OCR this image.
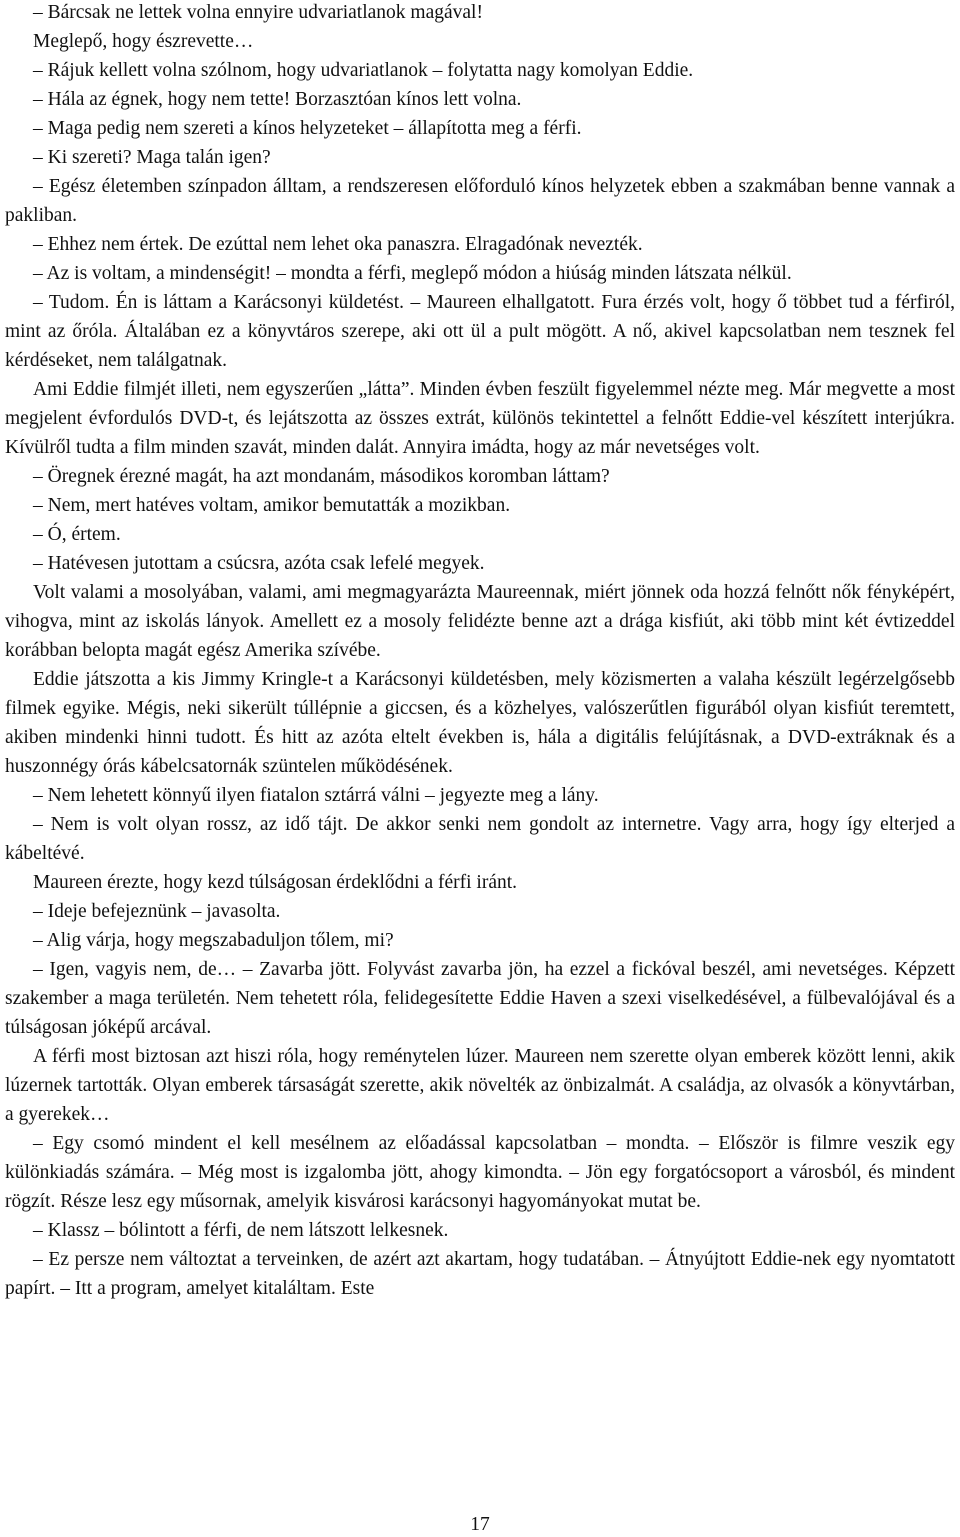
– Bárcsak ne lettek volna ennyire udvariatlanok magával!

Meglepő, hogy észrevette…

– Rájuk kellett volna szólnom, hogy udvariatlanok – folytatta nagy komolyan Eddie.

– Hála az égnek, hogy nem tette! Borzasztóan kínos lett volna.

– Maga pedig nem szereti a kínos helyzeteket – állapította meg a férfi.

– Ki szereti? Maga talán igen?

– Egész életemben színpadon álltam, a rendszeresen előforduló kínos helyzetek ebben a szakmában benne vannak a pakliban.

– Ehhez nem értek. De ezúttal nem lehet oka panaszra. Elragadónak nevezték.

– Az is voltam, a mindenségit! – mondta a férfi, meglepő módon a hiúság minden látszata nélkül.

– Tudom. Én is láttam a Karácsonyi küldetést. – Maureen elhallgatott. Fura érzés volt, hogy ő többet tud a férfiról, mint az őróla. Általában ez a könyvtáros szerepe, aki ott ül a pult mögött. A nő, akivel kapcsolatban nem tesznek fel kérdéseket, nem találgatnak.

Ami Eddie filmjét illeti, nem egyszerűen „látta”. Minden évben feszült figyelemmel nézte meg. Már megvette a most megjelent évfordulós DVD-t, és lejátszotta az összes extrát, különös tekintettel a felnőtt Eddie-vel készített interjúkra. Kívülről tudta a film minden szavát, minden dalát. Annyira imádta, hogy az már nevetséges volt.

– Öregnek érezné magát, ha azt mondanám, másodikos koromban láttam?

– Nem, mert hatéves voltam, amikor bemutatták a mozikban.

– Ó, értem.

– Hatévesen jutottam a csúcsra, azóta csak lefelé megyek.

Volt valami a mosolyában, valami, ami megmagyarázta Maureennak, miért jönnek oda hozzá felnőtt nők fényképért, vihogva, mint az iskolás lányok. Amellett ez a mosoly felidézte benne azt a drága kisfiút, aki több mint két évtizeddel korábban belopta magát egész Amerika szívébe.

Eddie játszotta a kis Jimmy Kringle-t a Karácsonyi küldetésben, mely közismerten a valaha készült legérzelgősebb filmek egyike. Mégis, neki sikerült túllépnie a giccsen, és a közhelyes, valószerűtlen figurából olyan kisfiút teremtett, akiben mindenki hinni tudott. És hitt az azóta eltelt években is, hála a digitális felújításnak, a DVD-extráknak és a huszonnégy órás kábelcsatornák szüntelen működésének.

– Nem lehetett könnyű ilyen fiatalon sztárrá válni – jegyezte meg a lány.

– Nem is volt olyan rossz, az idő tájt. De akkor senki nem gondolt az internetre. Vagy arra, hogy így elterjed a kábeltévé.

Maureen érezte, hogy kezd túlságosan érdeklődni a férfi iránt.

– Ideje befejeznünk – javasolta.

– Alig várja, hogy megszabaduljon tőlem, mi?

– Igen, vagyis nem, de… – Zavarba jött. Folyvást zavarba jön, ha ezzel a fickóval beszél, ami nevetséges. Képzett szakember a maga területén. Nem tehetett róla, felidegesítette Eddie Haven a szexi viselkedésével, a fülbevalójával és a túlságosan jóképű arcával.

A férfi most biztosan azt hiszi róla, hogy reménytelen lúzer. Maureen nem szerette olyan emberek között lenni, akik lúzernek tartották. Olyan emberek társaságát szerette, akik növelték az önbizalmát. A családja, az olvasók a könyvtárban, a gyerekek…

– Egy csomó mindent el kell mesélnem az előadással kapcsolatban – mondta. – Először is filmre veszik egy különkiadás számára. – Még most is izgalomba jött, ahogy kimondta. – Jön egy forgatócsoport a városból, és mindent rögzít. Része lesz egy műsornak, amelyik kisvárosi karácsonyi hagyományokat mutat be.

– Klassz – bólintott a férfi, de nem látszott lelkesnek.

– Ez persze nem változtat a terveinken, de azért azt akartam, hogy tudatában. – Átnyújtott Eddie-nek egy nyomtatott papírt. – Itt a program, amelyet kitaláltam. Este

17
